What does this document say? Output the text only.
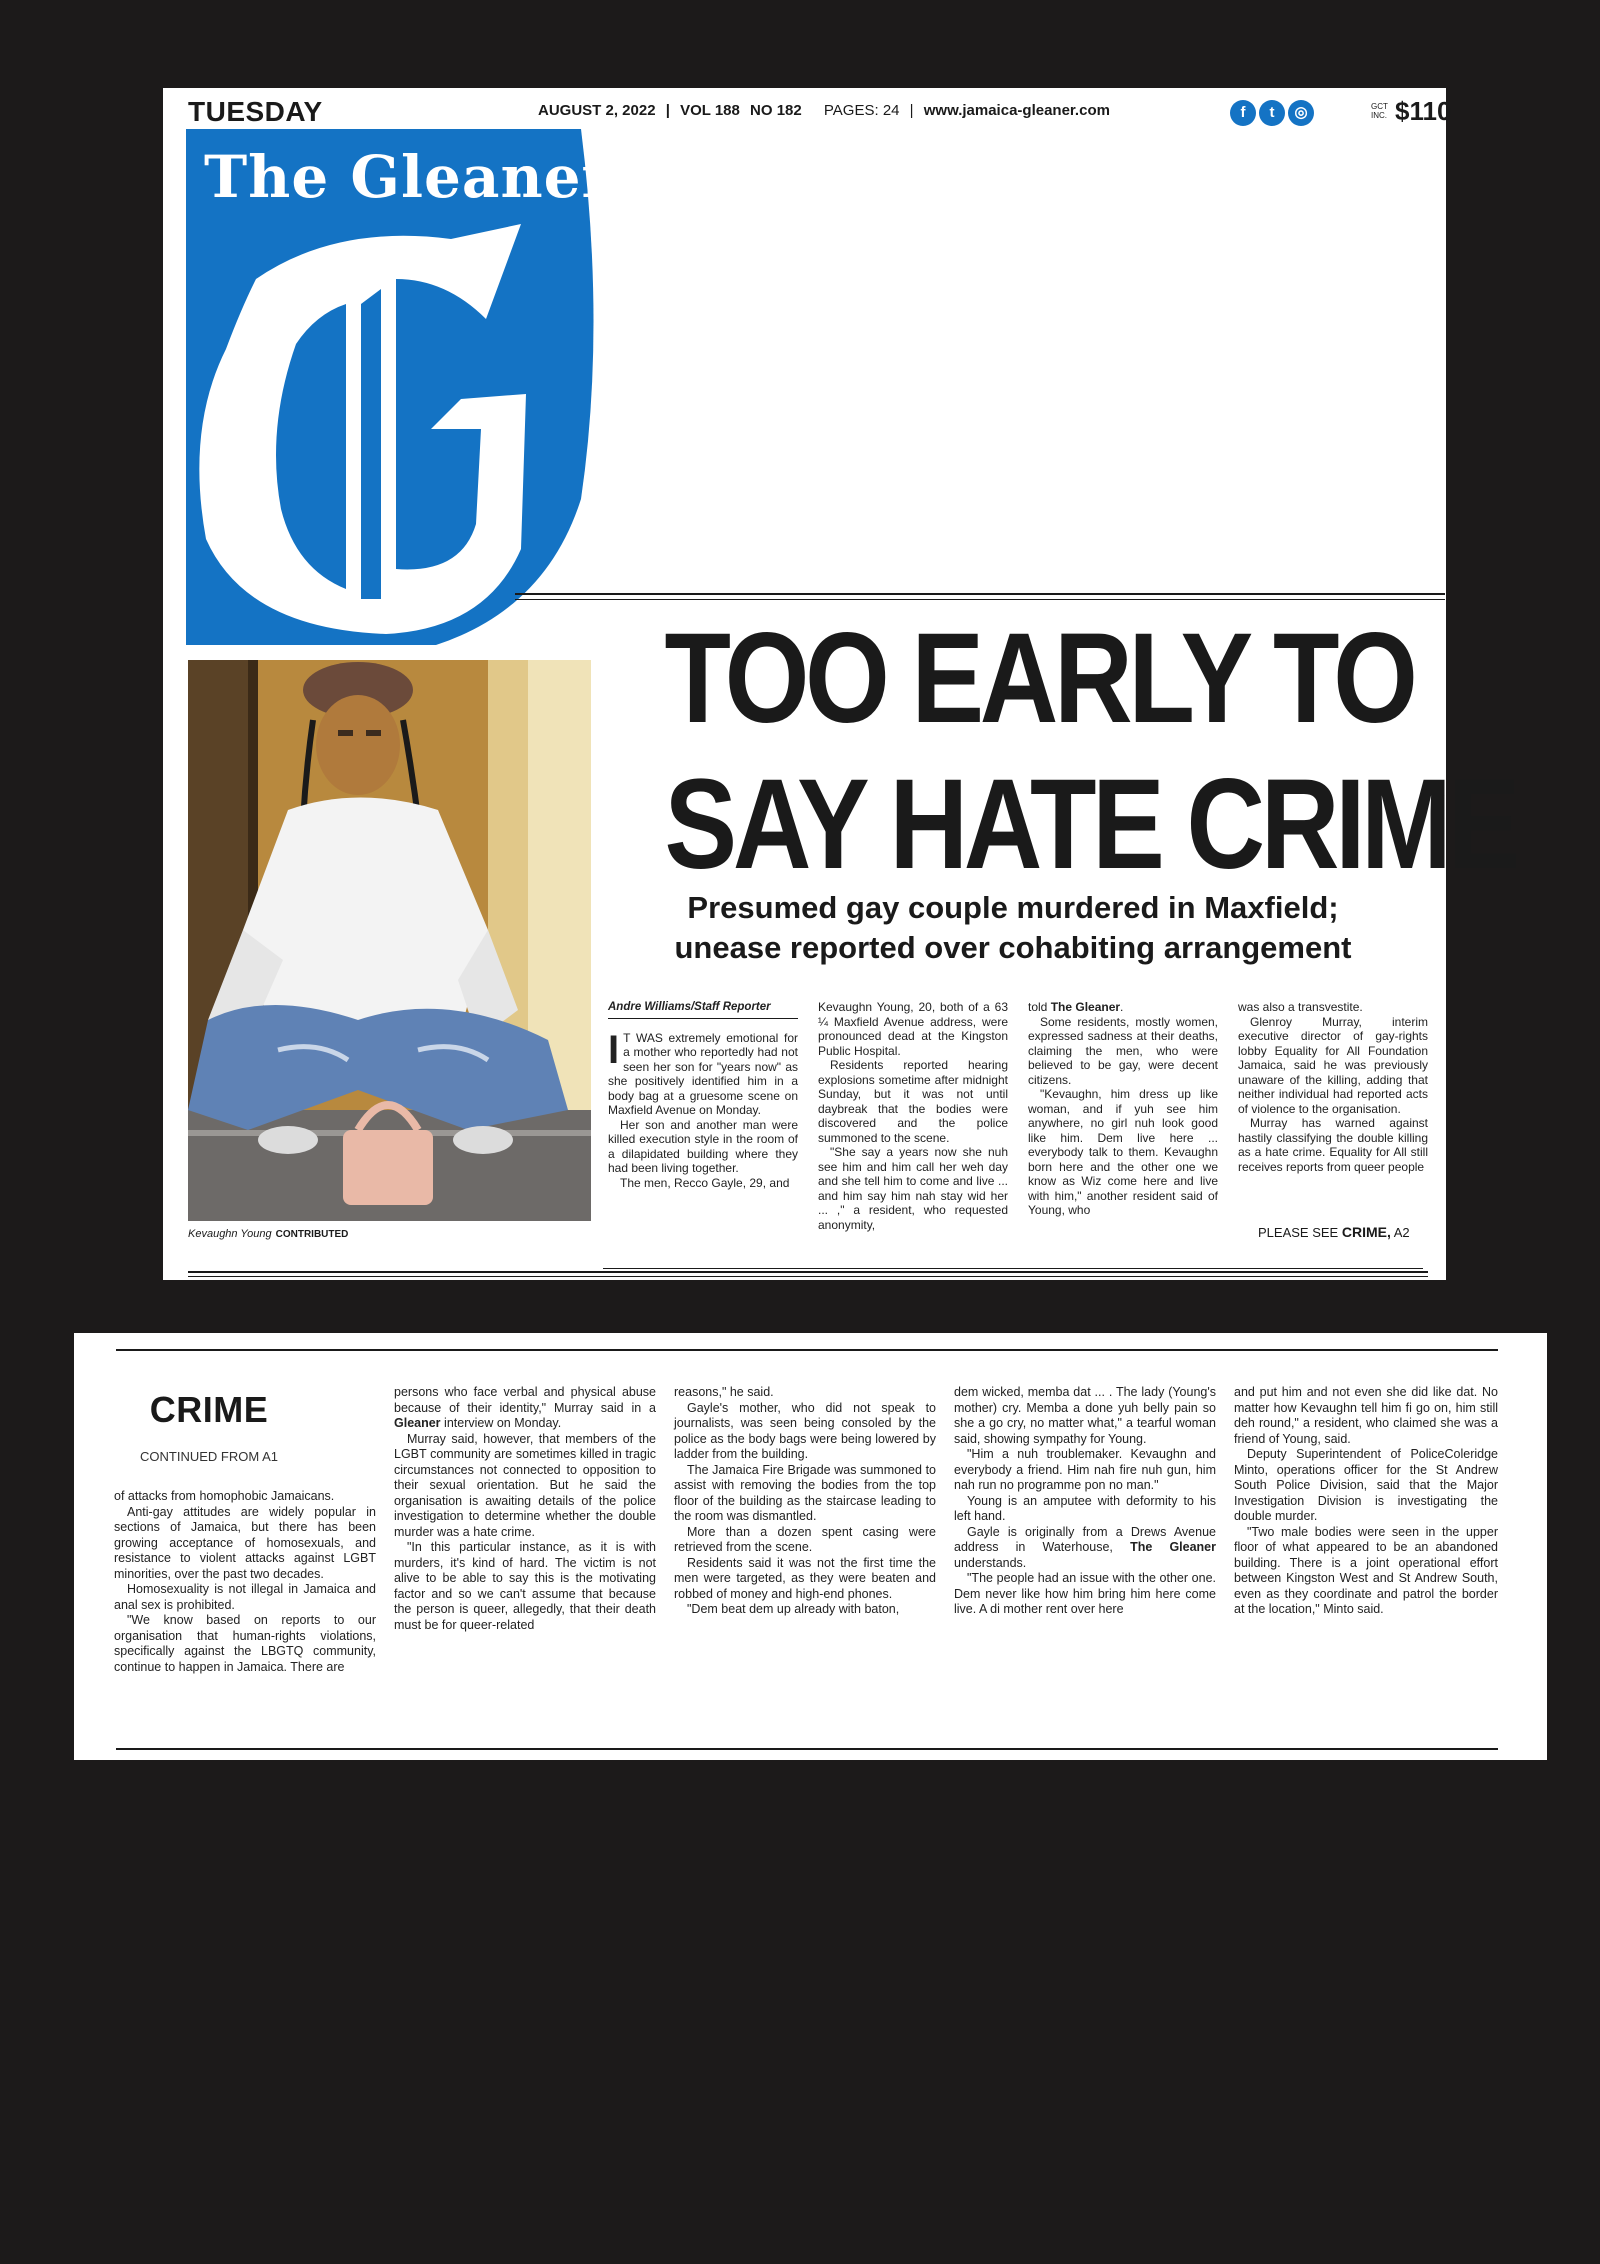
TUESDAY	AUGUST 2, 2022 | VOL 188 NO 182 PAGES: 24 | www.jamaica-gleaner.com	f t ◎	GCT
INC. $110
The Gleaner
Kevaughn Young CONTRIBUTED
TOO EARLY TO
SAY HATE CRIME
Presumed gay couple murdered in Maxfield;
unease reported over cohabiting arrangement
Andre Williams/Staff Reporter

I T WAS extremely emotional for a mother who reportedly had not seen her son for "years now" as she positively identified him in a body bag at a gruesome scene on Maxfield Avenue on Monday.

Her son and another man were killed execution style in the room of a dilapidated building where they had been living together.

The men, Recco Gayle, 29, and

Kevaughn Young, 20, both of a 63 ¼ Maxfield Avenue address, were pronounced dead at the Kingston Public Hospital.

Residents reported hearing explosions sometime after midnight Sunday, but it was not until daybreak that the bodies were discovered and the police summoned to the scene.

"She say a years now she nuh see him and him call her weh day and she tell him to come and live ... and him say him nah stay wid her ... ," a resident, who requested anonymity,

told The Gleaner.

Some residents, mostly women, expressed sadness at their deaths, claiming the men, who were believed to be gay, were decent citizens.

"Kevaughn, him dress up like woman, and if yuh see him anywhere, no girl nuh look good like him. Dem live here ... everybody talk to them. Kevaughn born here and the other one we know as Wiz come here and live with him," another resident said of Young, who

was also a transvestite.

Glenroy Murray, interim executive director of gay-rights lobby Equality for All Foundation Jamaica, said he was previously unaware of the killing, adding that neither individual had reported acts of violence to the organisation.

Murray has warned against hastily classifying the double killing as a hate crime. Equality for All still receives reports from queer people

PLEASE SEE CRIME, A2
CRIME
CONTINUED FROM A1

of attacks from homophobic Jamaicans.

Anti-gay attitudes are widely popular in sections of Jamaica, but there has been growing acceptance of homosexuals, and resistance to violent attacks against LGBT minorities, over the past two decades.

Homosexuality is not illegal in Jamaica and anal sex is prohibited.

"We know based on reports to our organisation that human-rights violations, specifically against the LBGTQ community, continue to happen in Jamaica. There are

persons who face verbal and physical abuse because of their identity," Murray said in a Gleaner interview on Monday.

Murray said, however, that members of the LGBT community are sometimes killed in tragic circumstances not connected to opposition to their sexual orientation. But he said the organisation is awaiting details of the police investigation to determine whether the double murder was a hate crime.

"In this particular instance, as it is with murders, it's kind of hard. The victim is not alive to be able to say this is the motivating factor and so we can't assume that because the person is queer, allegedly, that their death must be for queer-related

reasons," he said.

Gayle's mother, who did not speak to journalists, was seen being consoled by the police as the body bags were being lowered by ladder from the building.

The Jamaica Fire Brigade was summoned to assist with removing the bodies from the top floor of the building as the staircase leading to the room was dismantled.

More than a dozen spent casing were retrieved from the scene.

Residents said it was not the first time the men were targeted, as they were beaten and robbed of money and high-end phones.

"Dem beat dem up already with baton,

dem wicked, memba dat ... . The lady (Young's mother) cry. Memba a done yuh belly pain so she a go cry, no matter what," a tearful woman said, showing sympathy for Young.

"Him a nuh troublemaker. Kevaughn and everybody a friend. Him nah fire nuh gun, him nah run no programme pon no man."

Young is an amputee with deformity to his left hand.

Gayle is originally from a Drews Avenue address in Waterhouse, The Gleaner understands.

"The people had an issue with the other one. Dem never like how him bring him here come live. A di mother rent over here

and put him and not even she did like dat. No matter how Kevaughn tell him fi go on, him still deh round," a resident, who claimed she was a friend of Young, said.

Deputy Superintendent of PoliceColeridge Minto, operations officer for the St Andrew South Police Division, said that the Major Investigation Division is investigating the double murder.

"Two male bodies were seen in the upper floor of what appeared to be an abandoned building. There is a joint operational effort between Kingston West and St Andrew South, even as they coordinate and patrol the border at the location," Minto said.
